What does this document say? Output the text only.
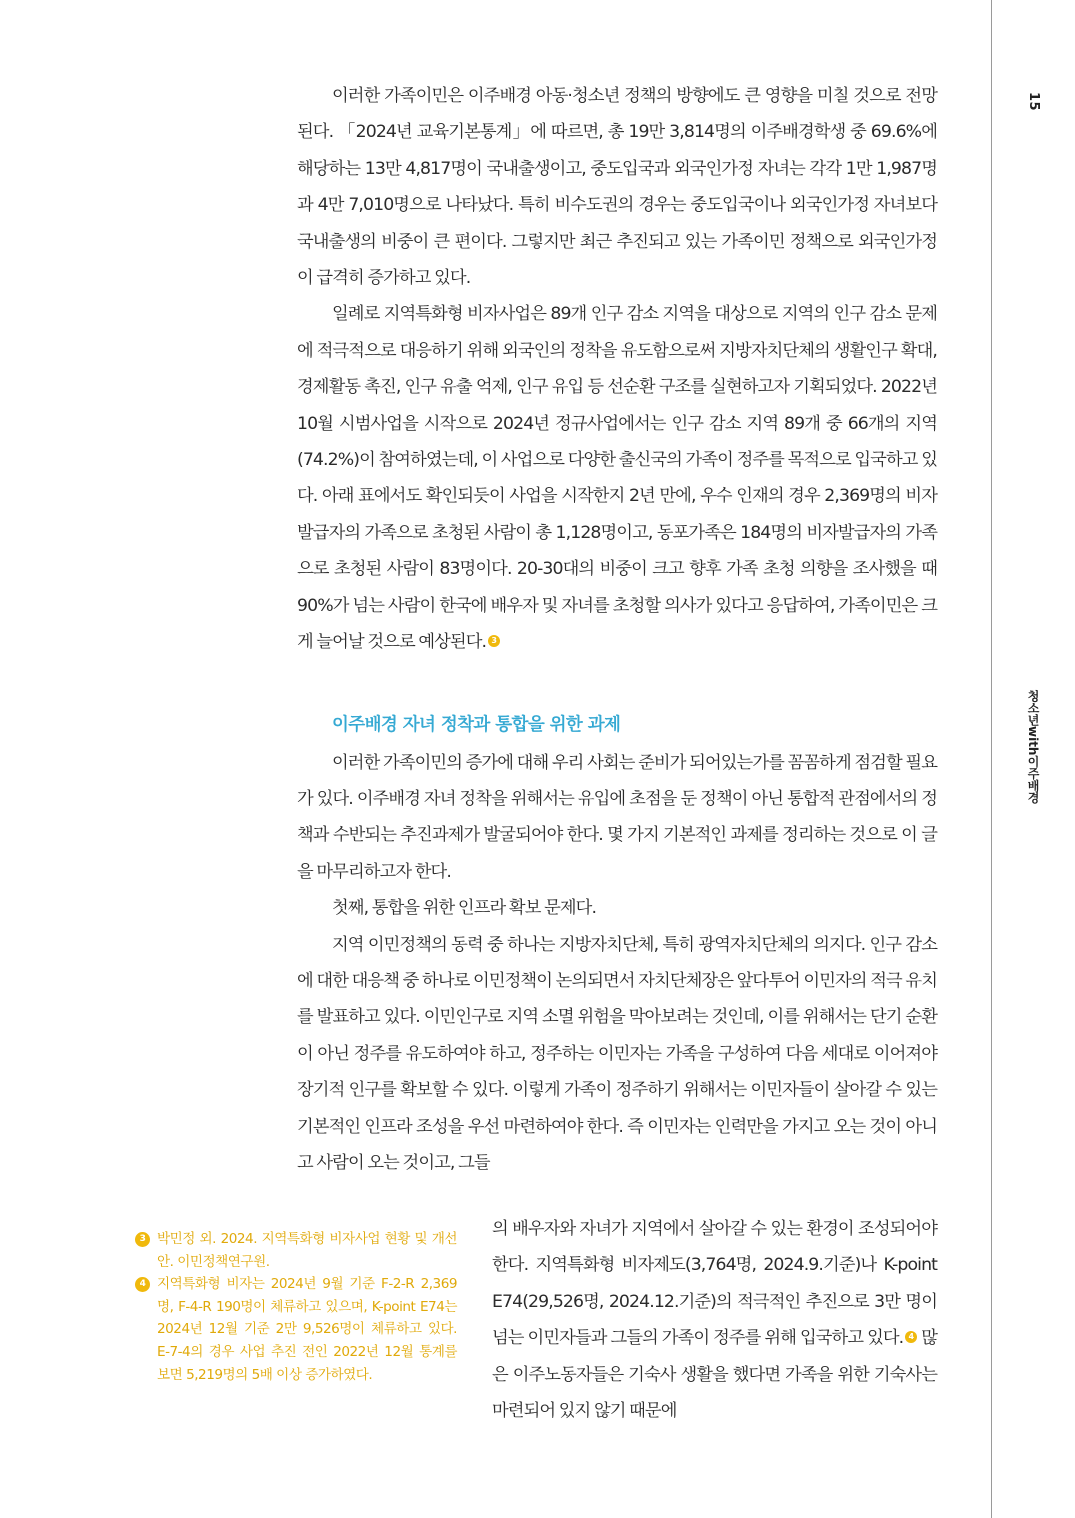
15
청소년with이주배경

이러한 가족이민은 이주배경 아동·청소년 정책의 방향에도 큰 영향을 미칠 것으로 전망된다. 「2024년 교육기본통계」에 따르면, 총 19만 3,814명의 이주배경학생 중 69.6%에 해당하는 13만 4,817명이 국내출생이고, 중도입국과 외국인가정 자녀는 각각 1만 1,987명과 4만 7,010명으로 나타났다. 특히 비수도권의 경우는 중도입국이나 외국인가정 자녀보다 국내출생의 비중이 큰 편이다. 그렇지만 최근 추진되고 있는 가족이민 정책으로 외국인가정이 급격히 증가하고 있다.

일례로 지역특화형 비자사업은 89개 인구 감소 지역을 대상으로 지역의 인구 감소 문제에 적극적으로 대응하기 위해 외국인의 정착을 유도함으로써 지방자치단체의 생활인구 확대, 경제활동 촉진, 인구 유출 억제, 인구 유입 등 선순환 구조를 실현하고자 기획되었다. 2022년 10월 시범사업을 시작으로 2024년 정규사업에서는 인구 감소 지역 89개 중 66개의 지역(74.2%)이 참여하였는데, 이 사업으로 다양한 출신국의 가족이 정주를 목적으로 입국하고 있다. 아래 표에서도 확인되듯이 사업을 시작한지 2년 만에, 우수 인재의 경우 2,369명의 비자발급자의 가족으로 초청된 사람이 총 1,128명이고, 동포가족은 184명의 비자발급자의 가족으로 초청된 사람이 83명이다. 20-30대의 비중이 크고 향후 가족 초청 의향을 조사했을 때 90%가 넘는 사람이 한국에 배우자 및 자녀를 초청할 의사가 있다고 응답하여, 가족이민은 크게 늘어날 것으로 예상된다. 3

이주배경 자녀 정착과 통합을 위한 과제

이러한 가족이민의 증가에 대해 우리 사회는 준비가 되어있는가를 꼼꼼하게 점검할 필요가 있다. 이주배경 자녀 정착을 위해서는 유입에 초점을 둔 정책이 아닌 통합적 관점에서의 정책과 수반되는 추진과제가 발굴되어야 한다. 몇 가지 기본적인 과제를 정리하는 것으로 이 글을 마무리하고자 한다.

첫째, 통합을 위한 인프라 확보 문제다.

지역 이민정책의 동력 중 하나는 지방자치단체, 특히 광역자치단체의 의지다. 인구 감소에 대한 대응책 중 하나로 이민정책이 논의되면서 자치단체장은 앞다투어 이민자의 적극 유치를 발표하고 있다. 이민인구로 지역 소멸 위험을 막아보려는 것인데, 이를 위해서는 단기 순환이 아닌 정주를 유도하여야 하고, 정주하는 이민자는 가족을 구성하여 다음 세대로 이어져야 장기적 인구를 확보할 수 있다. 이렇게 가족이 정주하기 위해서는 이민자들이 살아갈 수 있는 기본적인 인프라 조성을 우선 마련하여야 한다. 즉 이민자는 인력만을 가지고 오는 것이 아니고 사람이 오는 것이고, 그들

의 배우자와 자녀가 지역에서 살아갈 수 있는 환경이 조성되어야 한다. 지역특화형 비자제도(3,764명, 2024.9.기준)나 K-point E74(29,526명, 2024.12.기준)의 적극적인 추진으로 3만 명이 넘는 이민자들과 그들의 가족이 정주를 위해 입국하고 있다. 4 많은 이주노동자들은 기숙사 생활을 했다면 가족을 위한 기숙사는 마련되어 있지 않기 때문에

3 박민정 외. 2024. 지역특화형 비자사업 현황 및 개선안. 이민정책연구원.

4 지역특화형 비자는 2024년 9월 기준 F-2-R 2,369명, F-4-R 190명이 체류하고 있으며, K-point E74는 2024년 12월 기준 2만 9,526명이 체류하고 있다. E-7-4의 경우 사업 추진 전인 2022년 12월 통계를 보면 5,219명의 5배 이상 증가하였다.
